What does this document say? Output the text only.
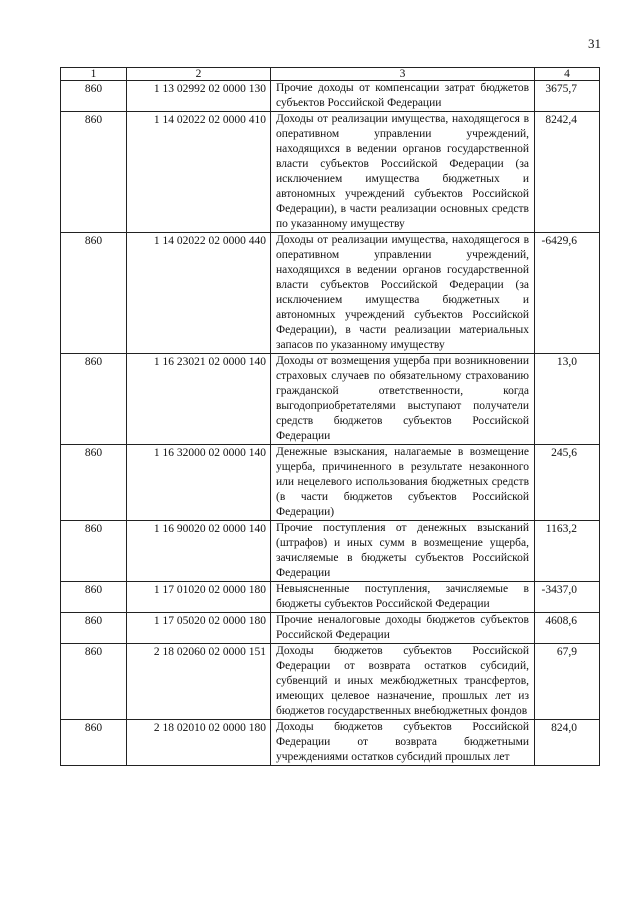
31
1	2	3	4
860	1 13 02992 02 0000 130	Прочие доходы от компенсации затрат бюджетов субъектов Российской Федерации	3675,7
860	1 14 02022 02 0000 410	Доходы от реализации имущества, находящегося в оперативном управлении учреждений, находящихся в ведении органов государственной власти субъектов Российской Федерации (за исключением имущества бюджетных и автономных учреждений субъектов Российской Федерации), в части реализации основных средств по указанному имуществу	8242,4
860	1 14 02022 02 0000 440	Доходы от реализации имущества, находящегося в оперативном управлении учреждений, находящихся в ведении органов государственной власти субъектов Российской Федерации (за исключением имущества бюджетных и автономных учреждений субъектов Российской Федерации), в части реализации материальных запасов по указанному имуществу	-6429,6
860	1 16 23021 02 0000 140	Доходы от возмещения ущерба при возникновении страховых случаев по обязательному страхованию гражданской ответственности, когда выгодоприобретателями выступают получатели средств бюджетов субъектов Российской Федерации	13,0
860	1 16 32000 02 0000 140	Денежные взыскания, налагаемые в возмещение ущерба, причиненного в результате незаконного или нецелевого использования бюджетных средств (в части бюджетов субъектов Российской Федерации)	245,6
860	1 16 90020 02 0000 140	Прочие поступления от денежных взысканий (штрафов) и иных сумм в возмещение ущерба, зачисляемые в бюджеты субъектов Российской Федерации	1163,2
860	1 17 01020 02 0000 180	Невыясненные поступления, зачисляемые в бюджеты субъектов Российской Федерации	-3437,0
860	1 17 05020 02 0000 180	Прочие неналоговые доходы бюджетов субъектов Российской Федерации	4608,6
860	2 18 02060 02 0000 151	Доходы бюджетов субъектов Российской Федерации от возврата остатков субсидий, субвенций и иных межбюджетных трансфертов, имеющих целевое назначение, прошлых лет из бюджетов государственных внебюджетных фондов	67,9
860	2 18 02010 02 0000 180	Доходы бюджетов субъектов Российской Федерации от возврата бюджетными учреждениями остатков субсидий прошлых лет	824,0
